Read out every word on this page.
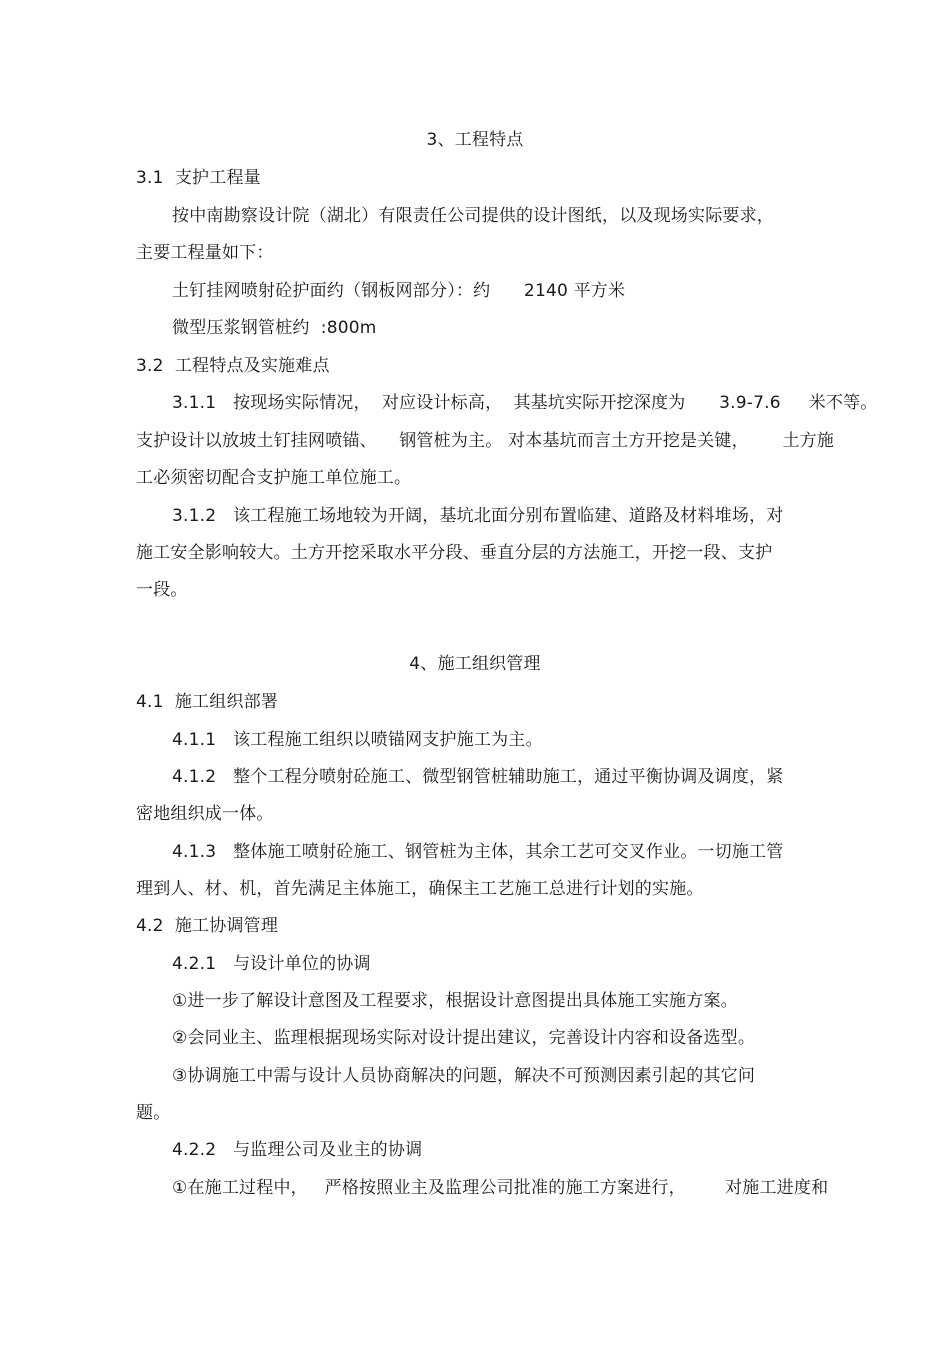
3、工程特点
3.1  支护工程量
按中南勘察设计院（湖北）有限责任公司提供的设计图纸，以及现场实际要求，
主要工程量如下：
土钉挂网喷射砼护面约（钢板网部分）：约      2140 平方米
微型压浆钢管桩约  :800m
3.2  工程特点及实施难点
3.1.1   按现场实际情况，  对应设计标高，  其基坑实际开挖深度为      3.9-7.6     米不等。
支护设计以放坡土钉挂网喷锚、    钢管桩为主。 对本基坑而言土方开挖是关键，      土方施
工必须密切配合支护施工单位施工。
3.1.2   该工程施工场地较为开阔，基坑北面分别布置临建、道路及材料堆场，对
施工安全影响较大。土方开挖采取水平分段、垂直分层的方法施工，开挖一段、支护
一段。
4、施工组织管理
4.1  施工组织部署
4.1.1   该工程施工组织以喷锚网支护施工为主。
4.1.2   整个工程分喷射砼施工、微型钢管桩辅助施工，通过平衡协调及调度，紧
密地组织成一体。
4.1.3   整体施工喷射砼施工、钢管桩为主体，其余工艺可交叉作业。一切施工管
理到人、材、机，首先满足主体施工，确保主工艺施工总进行计划的实施。
4.2  施工协调管理
4.2.1   与设计单位的协调
①进一步了解设计意图及工程要求，根据设计意图提出具体施工实施方案。
②会同业主、监理根据现场实际对设计提出建议，完善设计内容和设备选型。
③协调施工中需与设计人员协商解决的问题，解决不可预测因素引起的其它问
题。
4.2.2   与监理公司及业主的协调
①在施工过程中，   严格按照业主及监理公司批准的施工方案进行，       对施工进度和
